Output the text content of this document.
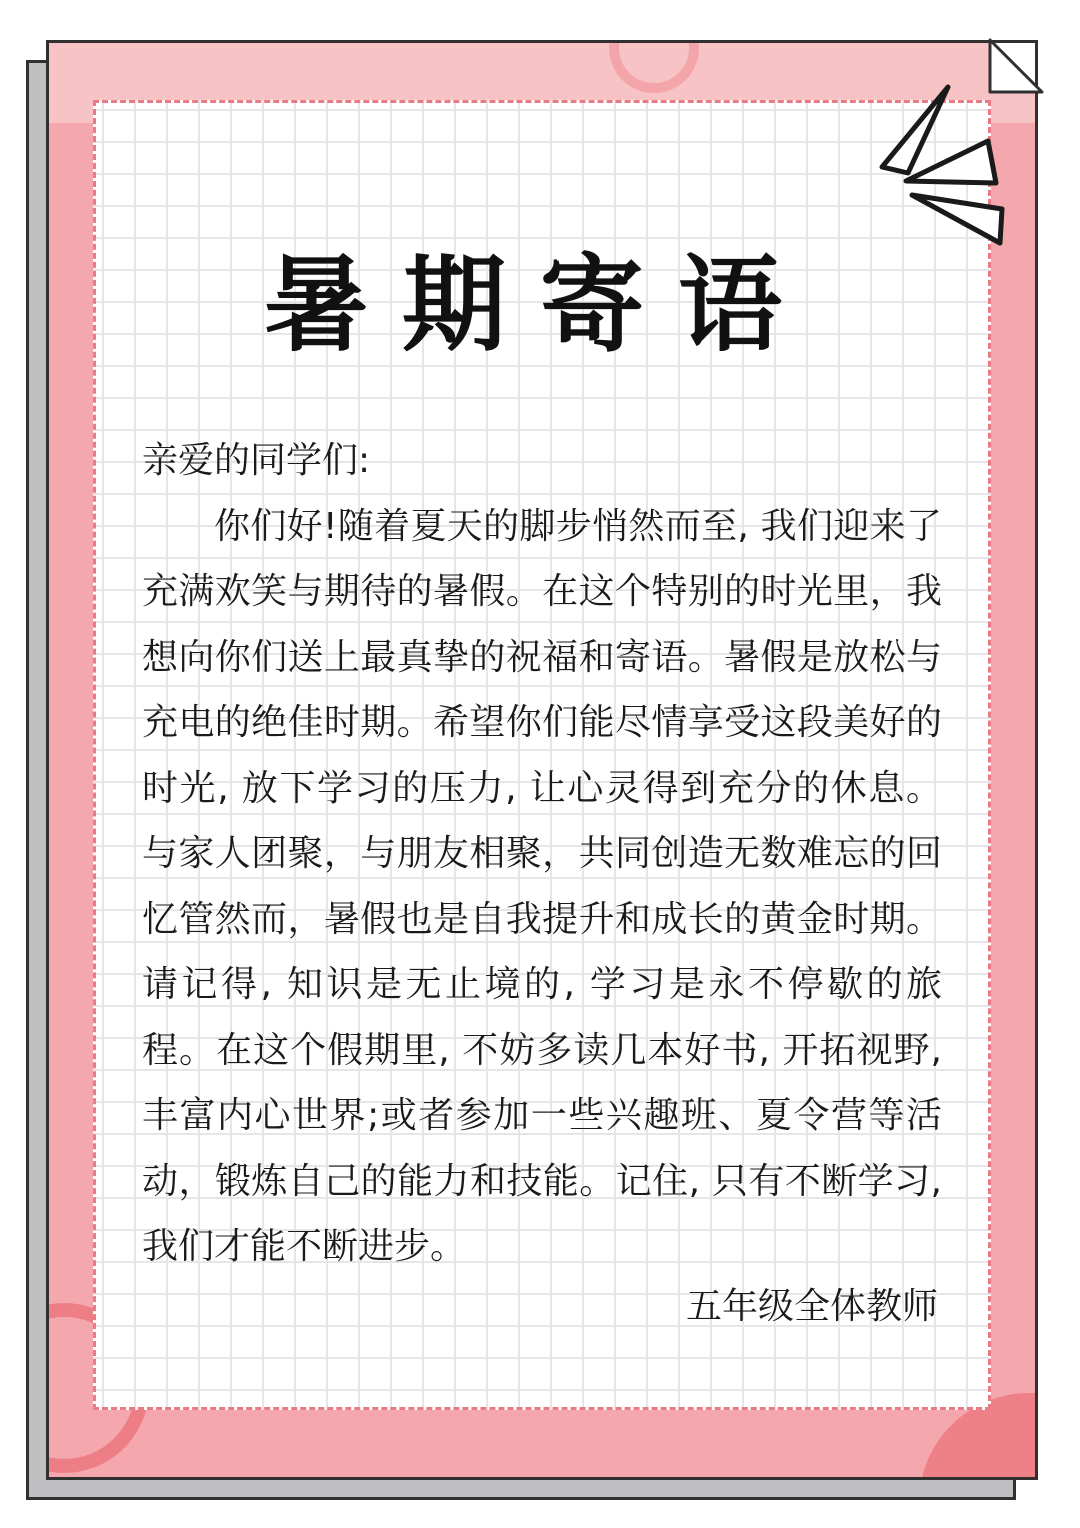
暑期寄语

亲爱的同学们:

你们好!随着夏天的脚步悄然而至, 我们迎来了充满欢笑与期待的暑假。在这个特别的时光里，我想向你们送上最真挚的祝福和寄语。暑假是放松与充电的绝佳时期。希望你们能尽情享受这段美好的时光, 放下学习的压力, 让心灵得到充分的休息。与家人团聚，与朋友相聚，共同创造无数难忘的回忆管然而，暑假也是自我提升和成长的黄金时期。请记得, 知识是无止境的, 学习是永不停歇的旅程。在这个假期里, 不妨多读几本好书, 开拓视野, 丰富内心世界;或者参加一些兴趣班、夏令营等活动，锻炼自己的能力和技能。记住, 只有不断学习, 我们才能不断进步。

五年级全体教师
